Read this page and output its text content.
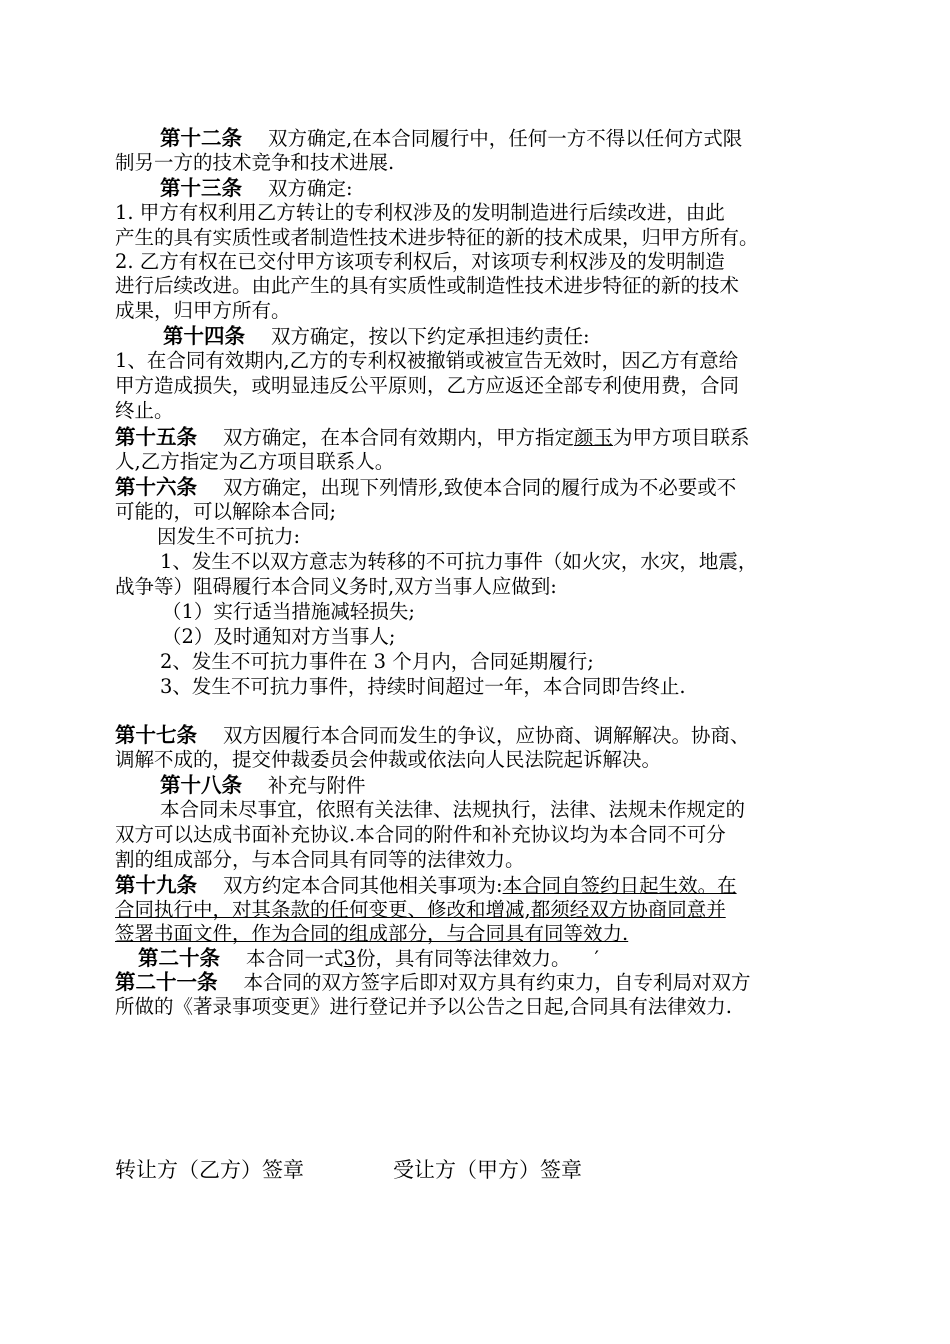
第十二条 双方确定,在本合同履行中，任何一方不得以任何方式限
制另一方的技术竞争和技术进展.
第十三条 双方确定:
1. 甲方有权利用乙方转让的专利权涉及的发明制造进行后续改进，由此
产生的具有实质性或者制造性技术进步特征的新的技术成果，归甲方所有。
2. 乙方有权在已交付甲方该项专利权后，对该项专利权涉及的发明制造
进行后续改进。由此产生的具有实质性或制造性技术进步特征的新的技术
成果，归甲方所有。
第十四条 双方确定，按以下约定承担违约责任:
1、在合同有效期内,乙方的专利权被撤销或被宣告无效时，因乙方有意给
甲方造成损失，或明显违反公平原则，乙方应返还全部专利使用费，合同
终止。
第十五条 双方确定，在本合同有效期内，甲方指定颜玉为甲方项目联系
人,乙方指定为乙方项目联系人。
第十六条 双方确定，出现下列情形,致使本合同的履行成为不必要或不
可能的，可以解除本合同;
因发生不可抗力:
1、发生不以双方意志为转移的不可抗力事件（如火灾，水灾，地震，
战争等）阻碍履行本合同义务时,双方当事人应做到:
（1）实行适当措施减轻损失;
（2）及时通知对方当事人;
2、发生不可抗力事件在 3 个月内，合同延期履行;
3、发生不可抗力事件，持续时间超过一年，本合同即告终止.
第十七条 双方因履行本合同而发生的争议，应协商、调解解决。协商、
调解不成的，提交仲裁委员会仲裁或依法向人民法院起诉解决。
第十八条 补充与附件
本合同未尽事宜，依照有关法律、法规执行，法律、法规未作规定的
双方可以达成书面补充协议.本合同的附件和补充协议均为本合同不可分
割的组成部分，与本合同具有同等的法律效力。
第十九条 双方约定本合同其他相关事项为:本合同自签约日起生效。在
合同执行中，对其条款的任何变更、修改和增减,都须经双方协商同意并
签署书面文件，作为合同的组成部分，与合同具有同等效力.
第二十条 本合同一式3份，具有同等法律效力。 ′
第二十一条 本合同的双方签字后即对双方具有约束力，自专利局对双方
所做的《著录事项变更》进行登记并予以公告之日起,合同具有法律效力.
转让方（乙方）签章	受让方（甲方）签章
